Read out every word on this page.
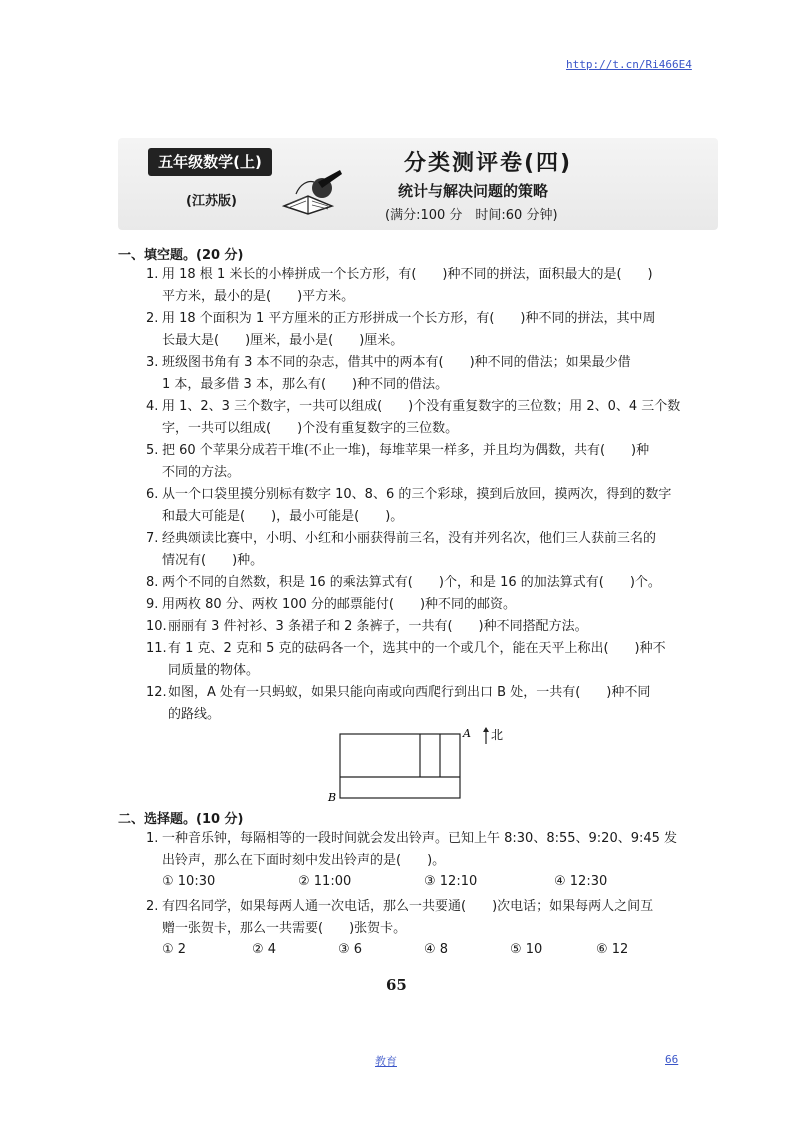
http://t.cn/Ri466E4
五年级数学(上)
(江苏版)
分类测评卷(四)
统计与解决问题的策略
(满分:100 分　时间:60 分钟)
一、填空题。(20 分)
1. 用 18 根 1 米长的小棒拼成一个长方形，有(　　)种不同的拼法，面积最大的是(　　)
平方米，最小的是(　　)平方米。
2. 用 18 个面积为 1 平方厘米的正方形拼成一个长方形，有(　　)种不同的拼法，其中周
长最大是(　　)厘米，最小是(　　)厘米。
3. 班级图书角有 3 本不同的杂志，借其中的两本有(　　)种不同的借法；如果最少借
1 本，最多借 3 本，那么有(　　)种不同的借法。
4. 用 1、2、3 三个数字，一共可以组成(　　)个没有重复数字的三位数；用 2、0、4 三个数
字，一共可以组成(　　)个没有重复数字的三位数。
5. 把 60 个苹果分成若干堆(不止一堆)，每堆苹果一样多，并且均为偶数，共有(　　)种
不同的方法。
6. 从一个口袋里摸分别标有数字 10、8、6 的三个彩球，摸到后放回，摸两次，得到的数字
和最大可能是(　　)，最小可能是(　　)。
7. 经典颂读比赛中，小明、小红和小丽获得前三名，没有并列名次，他们三人获前三名的
情况有(　　)种。
8. 两个不同的自然数，积是 16 的乘法算式有(　　)个，和是 16 的加法算式有(　　)个。
9. 用两枚 80 分、两枚 100 分的邮票能付(　　)种不同的邮资。
10.丽丽有 3 件衬衫、3 条裙子和 2 条裤子，一共有(　　)种不同搭配方法。
11.有 1 克、2 克和 5 克的砝码各一个，选其中的一个或几个，能在天平上称出(　　)种不
同质量的物体。
12.如图，A 处有一只蚂蚁，如果只能向南或向西爬行到出口 B 处，一共有(　　)种不同
的路线。
A
B
北
二、选择题。(10 分)
1. 一种音乐钟，每隔相等的一段时间就会发出铃声。已知上午 8:30、8:55、9:20、9:45 发
出铃声，那么在下面时刻中发出铃声的是(　　)。
① 10:30	② 11:00	③ 12:10	④ 12:30
2. 有四名同学，如果每两人通一次电话，那么一共要通(　　)次电话；如果每两人之间互
赠一张贺卡，那么一共需要(　　)张贺卡。
① 2	② 4	③ 6	④ 8	⑤ 10	⑥ 12
65
教育	66
